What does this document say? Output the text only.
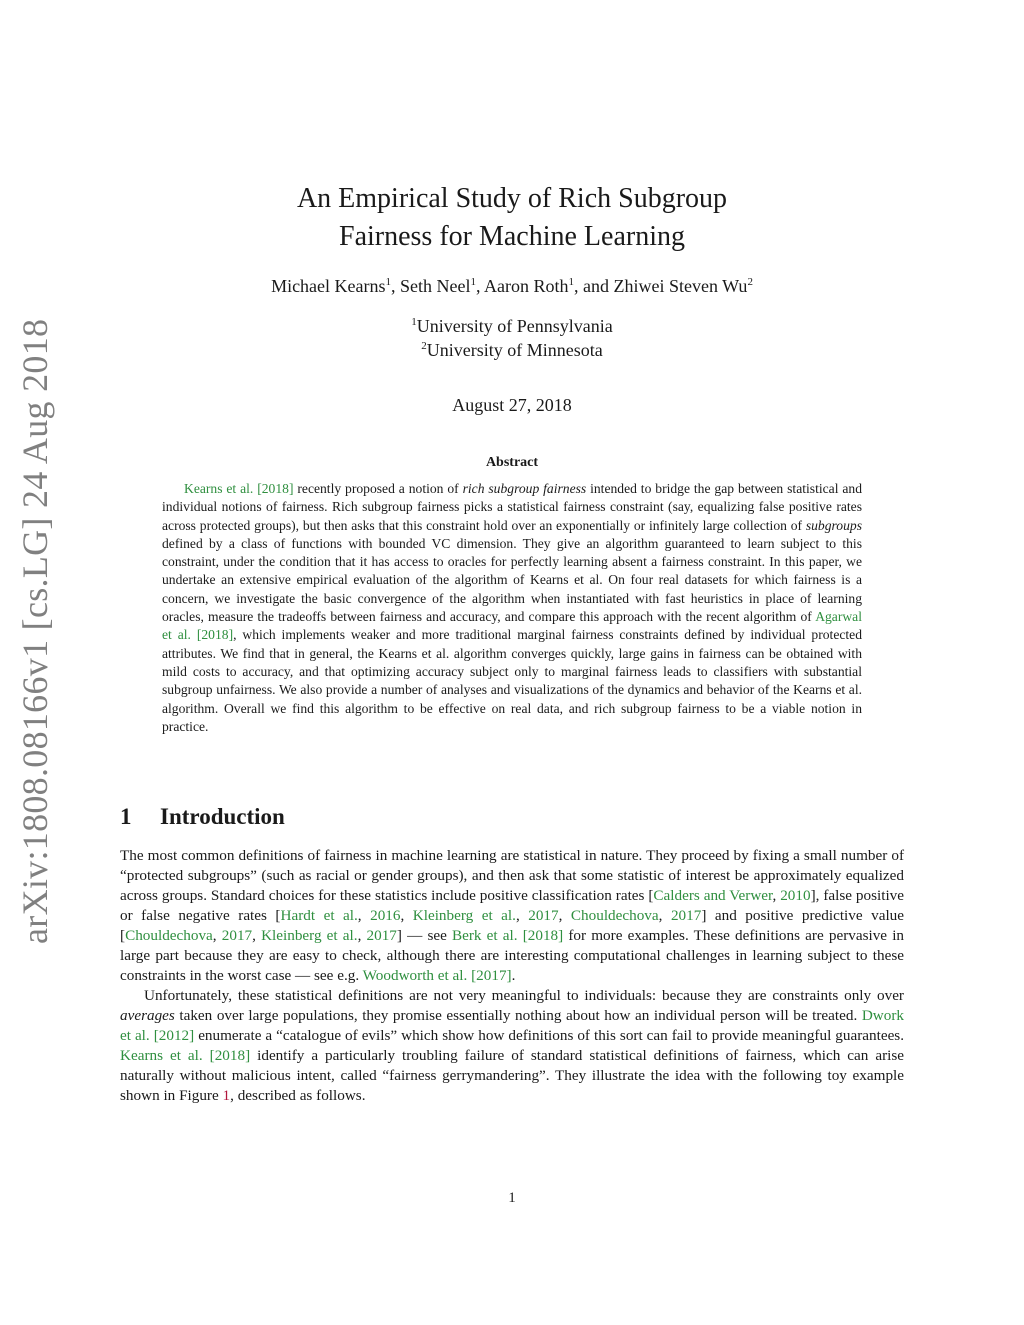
arXiv:1808.08166v1 [cs.LG] 24 Aug 2018
An Empirical Study of Rich Subgroup
Fairness for Machine Learning
Michael Kearns$^1$, Seth Neel$^1$, Aaron Roth$^1$, and Zhiwei Steven Wu$^2$
$^1$University of Pennsylvania
$^2$University of Minnesota
August 27, 2018
Abstract
Kearns et al. [2018] recently proposed a notion of rich subgroup fairness intended to bridge the gap between statistical and individual notions of fairness. Rich subgroup fairness picks a statistical fairness constraint (say, equalizing false positive rates across protected groups), but then asks that this constraint hold over an exponentially or infinitely large collection of subgroups defined by a class of functions with bounded VC dimension. They give an algorithm guaranteed to learn subject to this constraint, under the condition that it has access to oracles for perfectly learning absent a fairness constraint. In this paper, we undertake an extensive empirical evaluation of the algorithm of Kearns et al. On four real datasets for which fairness is a concern, we investigate the basic convergence of the algorithm when instantiated with fast heuristics in place of learning oracles, measure the tradeoffs between fairness and accuracy, and compare this approach with the recent algorithm of Agarwal et al. [2018], which implements weaker and more traditional marginal fairness constraints defined by individual protected attributes. We find that in general, the Kearns et al. algorithm converges quickly, large gains in fairness can be obtained with mild costs to accuracy, and that optimizing accuracy subject only to marginal fairness leads to classifiers with substantial subgroup unfairness. We also provide a number of analyses and visualizations of the dynamics and behavior of the Kearns et al. algorithm. Overall we find this algorithm to be effective on real data, and rich subgroup fairness to be a viable notion in practice.
1 Introduction

The most common definitions of fairness in machine learning are statistical in nature. They proceed by fixing a small number of “protected subgroups” (such as racial or gender groups), and then ask that some statistic of interest be approximately equalized across groups. Standard choices for these statistics include positive classification rates [Calders and Verwer, 2010], false positive or false negative rates [Hardt et al., 2016, Kleinberg et al., 2017, Chouldechova, 2017] and positive predictive value [Chouldechova, 2017, Kleinberg et al., 2017] — see Berk et al. [2018] for more examples. These definitions are pervasive in large part because they are easy to check, although there are interesting computational challenges in learning subject to these constraints in the worst case — see e.g. Woodworth et al. [2017].

Unfortunately, these statistical definitions are not very meaningful to individuals: because they are constraints only over averages taken over large populations, they promise essentially nothing about how an individual person will be treated. Dwork et al. [2012] enumerate a “catalogue of evils” which show how definitions of this sort can fail to provide meaningful guarantees. Kearns et al. [2018] identify a particularly troubling failure of standard statistical definitions of fairness, which can arise naturally without malicious intent, called “fairness gerrymandering”. They illustrate the idea with the following toy example shown in Figure 1, described as follows.

1
